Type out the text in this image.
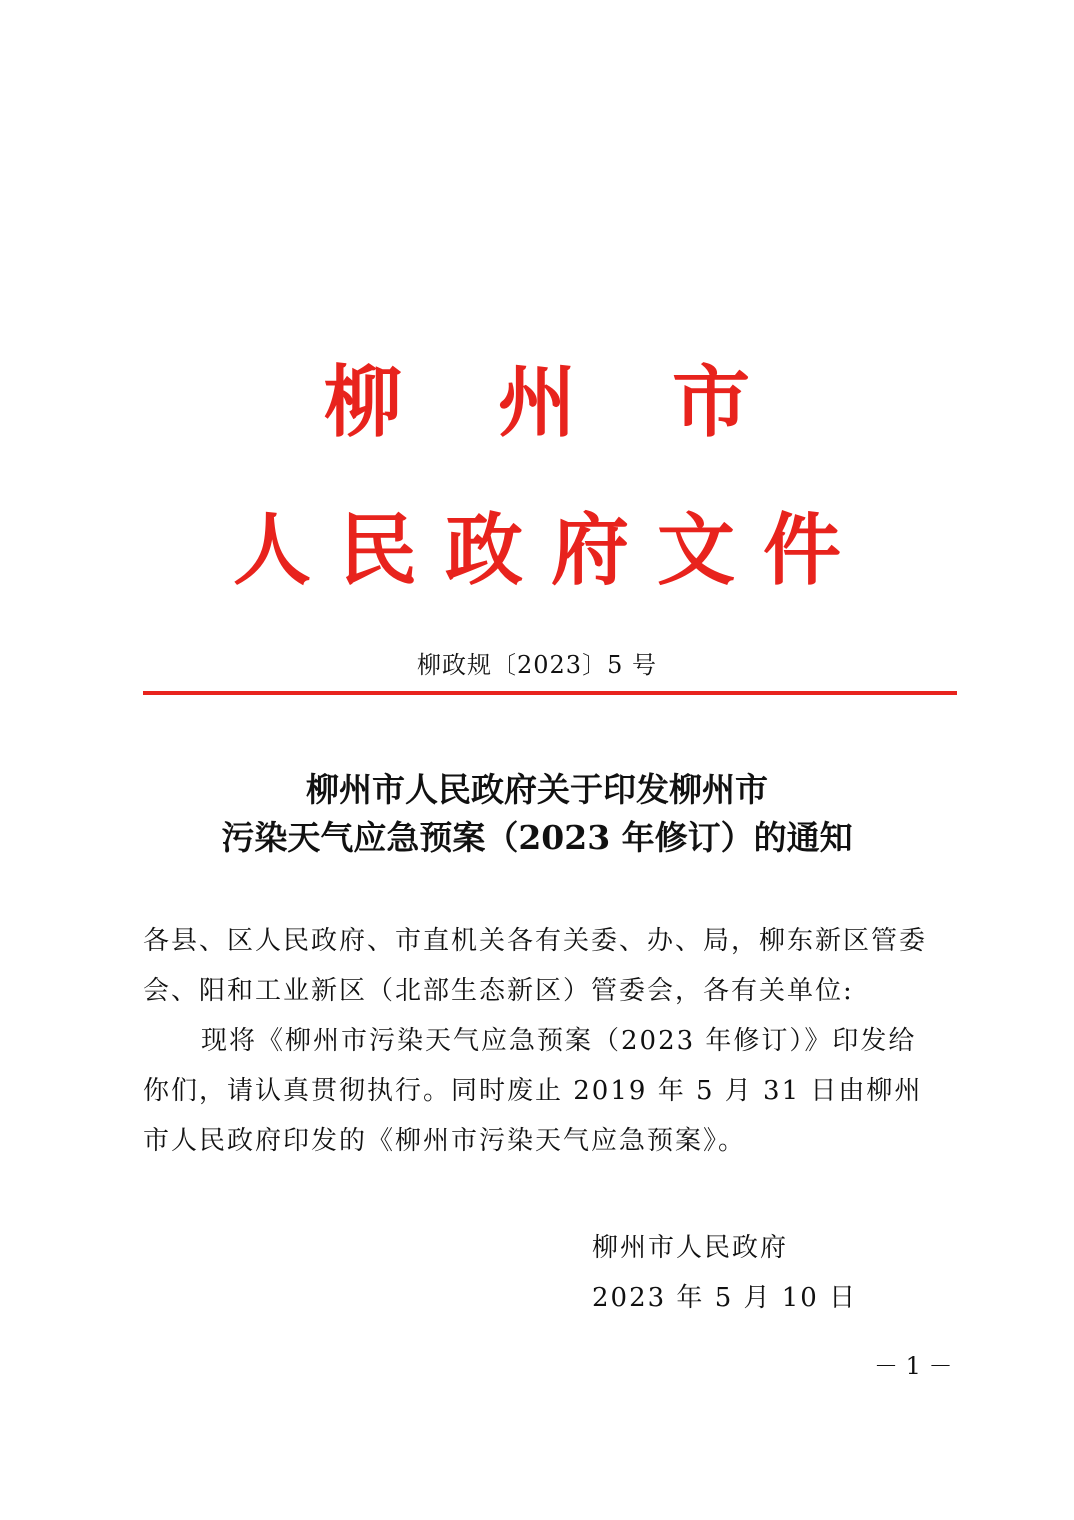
柳州市
人民政府文件
柳政规〔2023〕5 号
柳州市人民政府关于印发柳州市
污染天气应急预案（2023 年修订）的通知

各县、区人民政府、市直机关各有关委、办、局，柳东新区管委会、阳和工业新区（北部生态新区）管委会，各有关单位:

现将《柳州市污染天气应急预案（2023 年修订）》印发给你们，请认真贯彻执行。同时废止 2019 年 5 月 31 日由柳州市人民政府印发的《柳州市污染天气应急预案》。

柳州市人民政府
2023 年 5 月 10 日
－ 1 －
